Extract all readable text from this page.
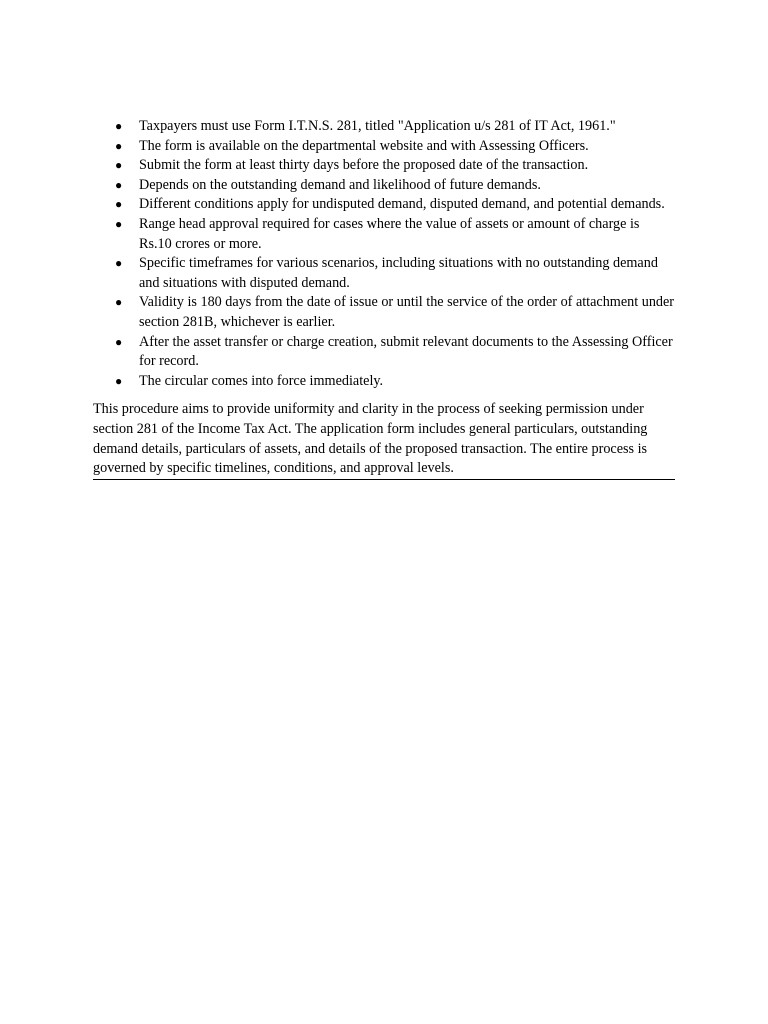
● Taxpayers must use Form I.T.N.S. 281, titled "Application u/s 281 of IT Act, 1961."
● The form is available on the departmental website and with Assessing Officers.
● Submit the form at least thirty days before the proposed date of the transaction.
● Depends on the outstanding demand and likelihood of future demands.
● Different conditions apply for undisputed demand, disputed demand, and potential demands.
● Range head approval required for cases where the value of assets or amount of charge is Rs.10 crores or more.
● Specific timeframes for various scenarios, including situations with no outstanding demand and situations with disputed demand.
● Validity is 180 days from the date of issue or until the service of the order of attachment under section 281B, whichever is earlier.
● After the asset transfer or charge creation, submit relevant documents to the Assessing Officer for record.
● The circular comes into force immediately.

This procedure aims to provide uniformity and clarity in the process of seeking permission under section 281 of the Income Tax Act. The application form includes general particulars, outstanding demand details, particulars of assets, and details of the proposed transaction. The entire process is governed by specific timelines, conditions, and approval levels.
